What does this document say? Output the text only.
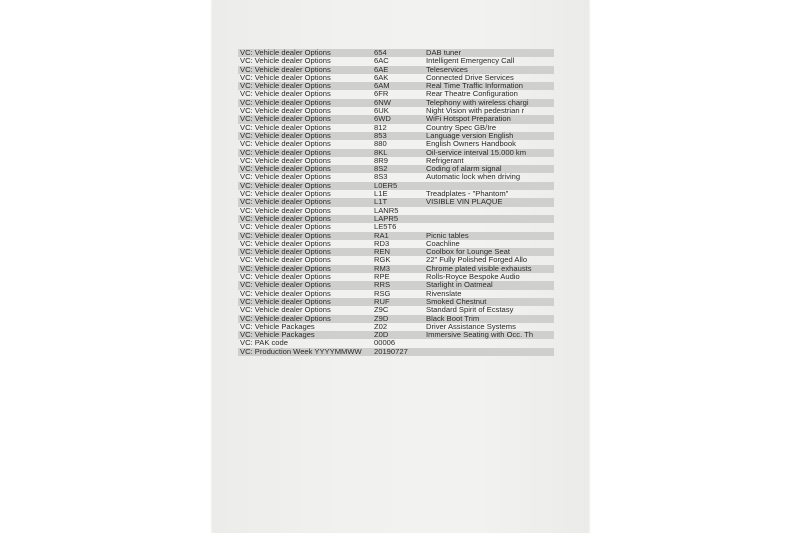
VC: Vehicle dealer Options	654	DAB tuner
VC: Vehicle dealer Options	6AC	Intelligent Emergency Call
VC: Vehicle dealer Options	6AE	Teleservices
VC: Vehicle dealer Options	6AK	Connected Drive Services
VC: Vehicle dealer Options	6AM	Real Time Traffic Information
VC: Vehicle dealer Options	6FR	Rear Theatre Configuration
VC: Vehicle dealer Options	6NW	Telephony with wireless chargi
VC: Vehicle dealer Options	6UK	Night Vision with pedestrian r
VC: Vehicle dealer Options	6WD	WiFi Hotspot Preparation
VC: Vehicle dealer Options	812	Country Spec GB/Ire
VC: Vehicle dealer Options	853	Language version English
VC: Vehicle dealer Options	880	English Owners Handbook
VC: Vehicle dealer Options	8KL	Oil-service interval 15.000 km
VC: Vehicle dealer Options	8R9	Refrigerant
VC: Vehicle dealer Options	8S2	Coding of alarm signal
VC: Vehicle dealer Options	8S3	Automatic lock when driving
VC: Vehicle dealer Options	L0ER5
VC: Vehicle dealer Options	L1E	Treadplates - "Phantom"
VC: Vehicle dealer Options	L1T	VISIBLE VIN PLAQUE
VC: Vehicle dealer Options	LANR5
VC: Vehicle dealer Options	LAPR5
VC: Vehicle dealer Options	LE5T6
VC: Vehicle dealer Options	RA1	Picnic tables
VC: Vehicle dealer Options	RD3	Coachline
VC: Vehicle dealer Options	REN	Coolbox for Lounge Seat
VC: Vehicle dealer Options	RGK	22" Fully Polished Forged Allo
VC: Vehicle dealer Options	RM3	Chrome plated visible exhausts
VC: Vehicle dealer Options	RPE	Rolls-Royce Bespoke Audio
VC: Vehicle dealer Options	RRS	Starlight in Oatmeal
VC: Vehicle dealer Options	RSG	Rivenslate
VC: Vehicle dealer Options	RUF	Smoked Chestnut
VC: Vehicle dealer Options	Z9C	Standard Spirit of Ecstasy
VC: Vehicle dealer Options	Z9D	Black Boot Trim
VC: Vehicle Packages	Z02	Driver Assistance Systems
VC: Vehicle Packages	Z0D	Immersive Seating with Occ. Th
VC: PAK code	00006
VC: Production Week YYYYMMWW	20190727
